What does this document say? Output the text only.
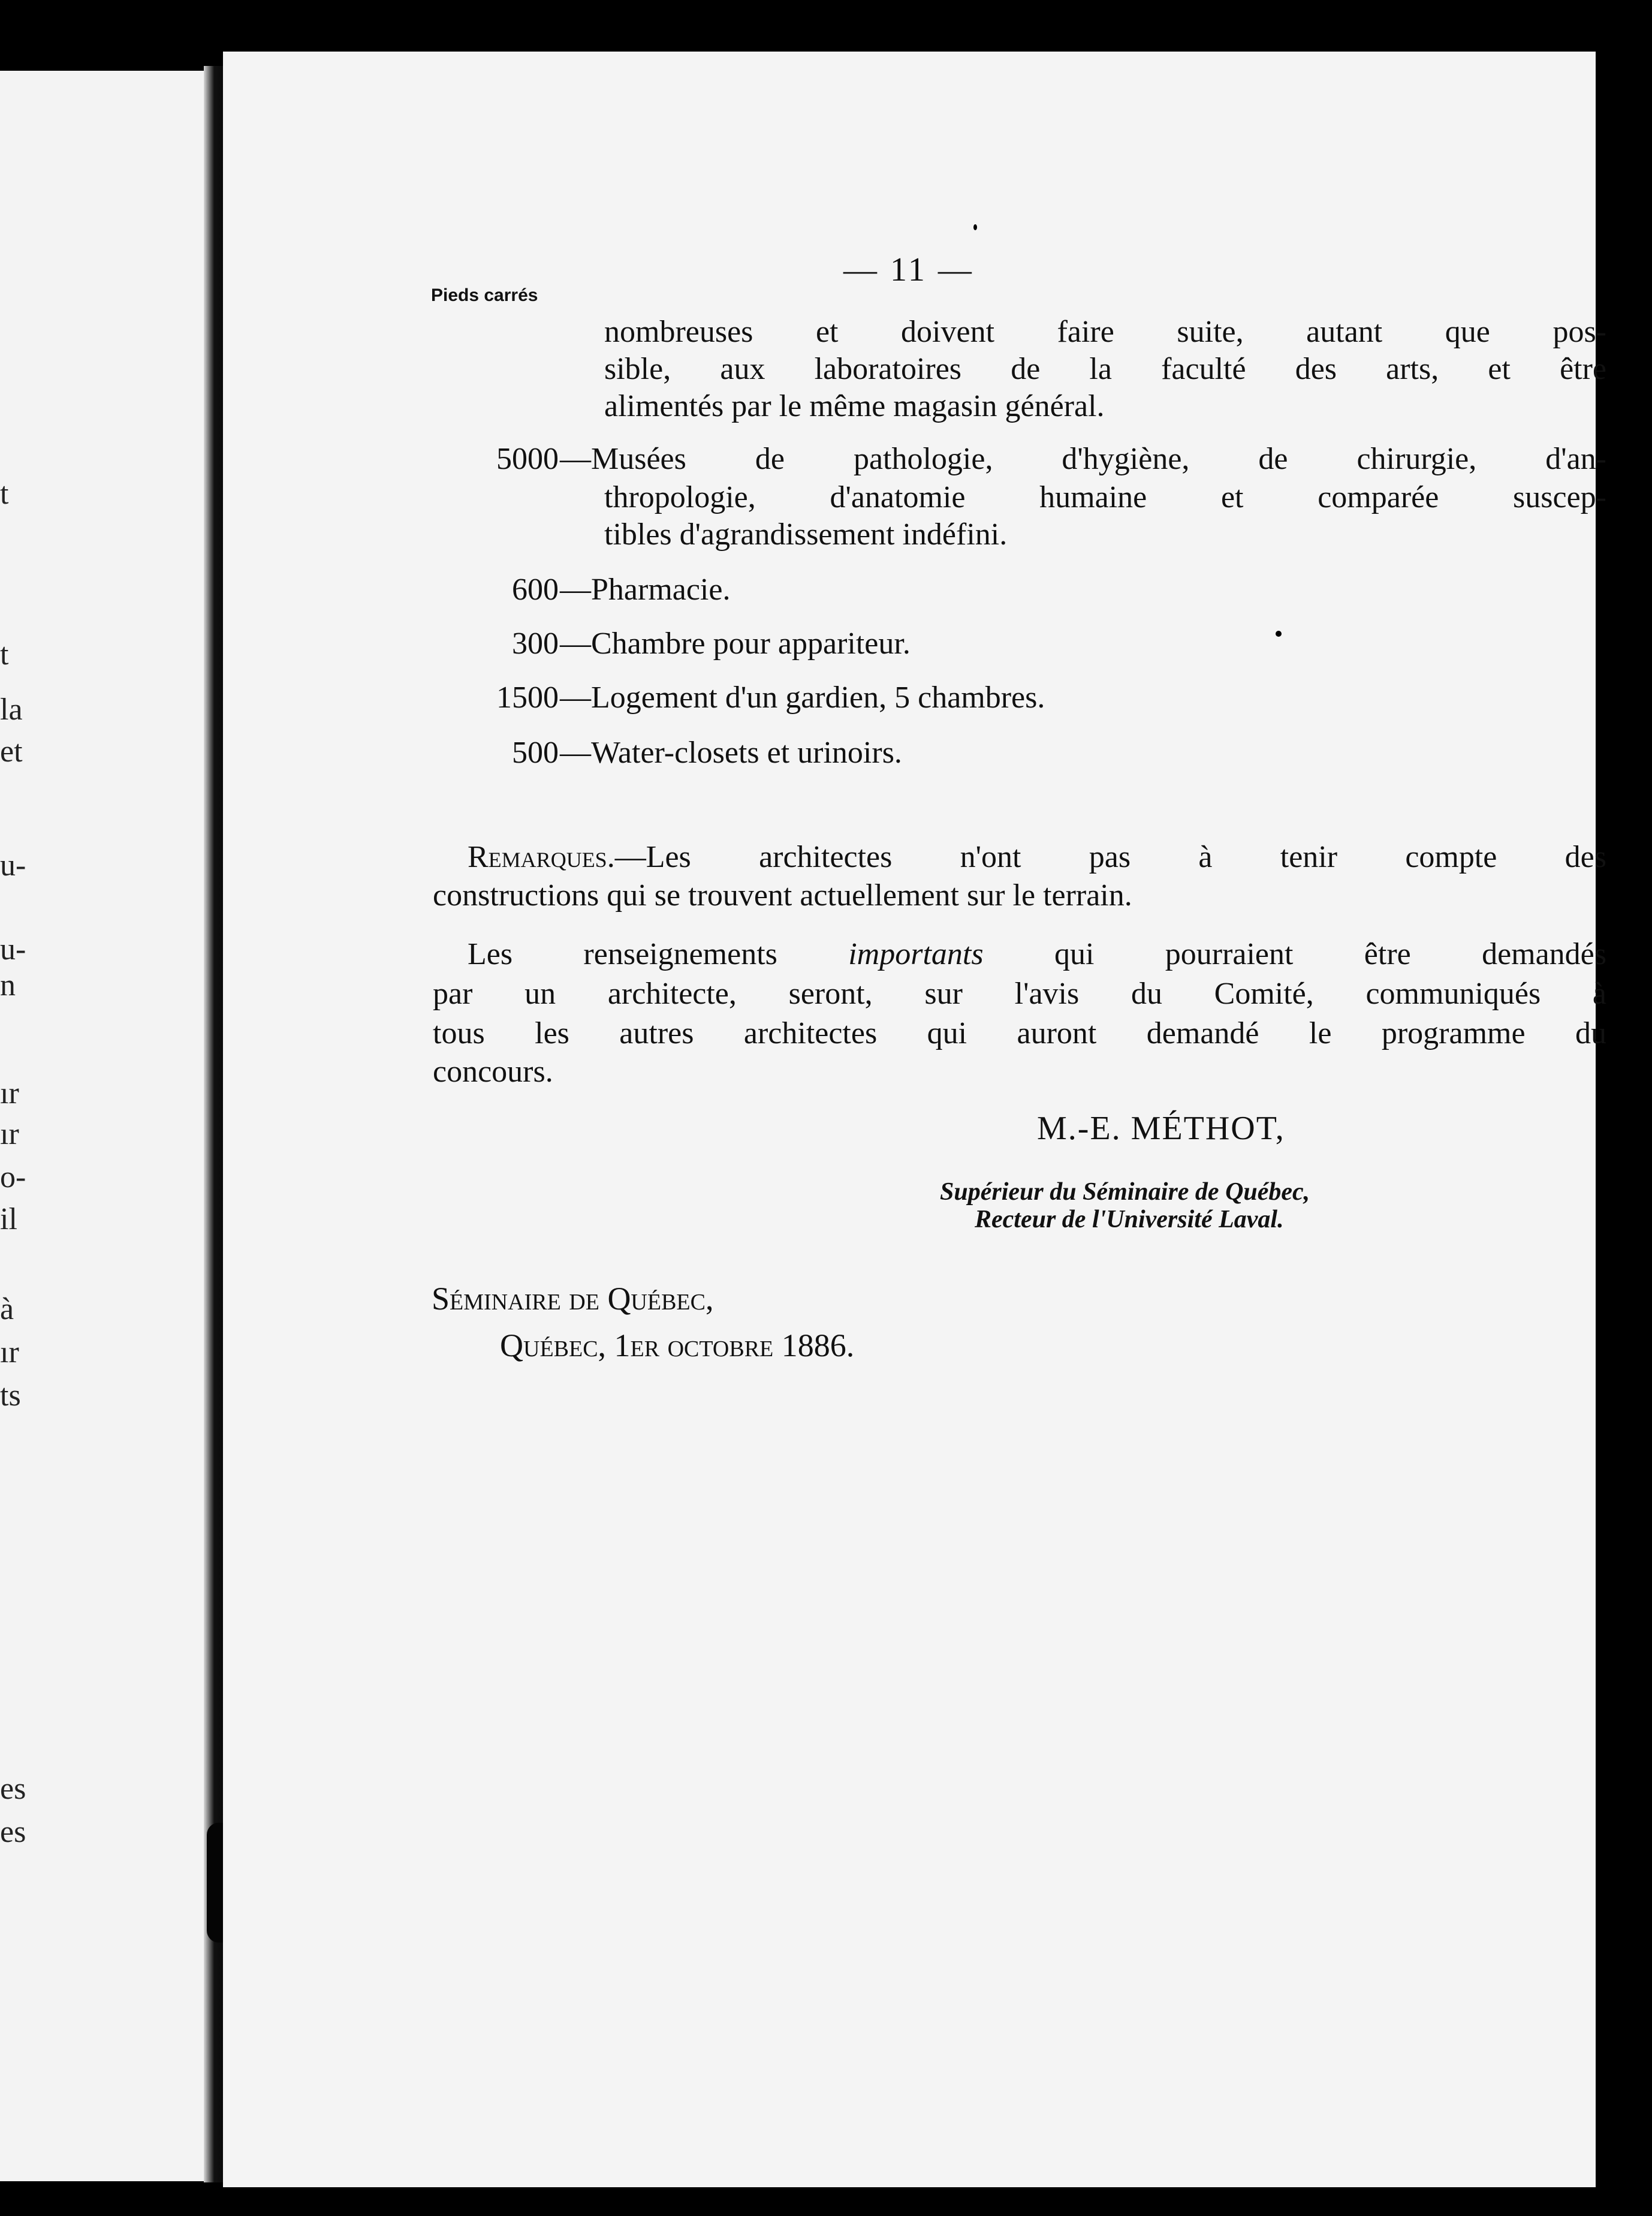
t
t
la
et
u-
u-
n
ır
ır
o-
il
à
ır
ts
es
es
— 11 —
Pieds carrés
nombreuses et doivent faire suite, autant que pos-
sible, aux laboratoires de la faculté des arts, et être
alimentés par le même magasin général.
5000 —Musées de pathologie, d'hygiène, de chirurgie, d'an-
thropologie, d'anatomie humaine et comparée suscep-
tibles d'agrandissement indéfini.
600 —Pharmacie.
300 —Chambre pour appariteur.
1500 —Logement d'un gardien, 5 chambres.
500 —Water-closets et urinoirs.
Remarques.—Les architectes n'ont pas à tenir compte des
constructions qui se trouvent actuellement sur le terrain.
Les renseignements importants qui pourraient être demandés
par un architecte, seront, sur l'avis du Comité, communiqués à
tous les autres architectes qui auront demandé le programme du
concours.
M.-E. MÉTHOT,
Supérieur du Séminaire de Québec,
Recteur de l'Université Laval.
Séminaire de Québec,
Québec, 1er octobre 1886.
